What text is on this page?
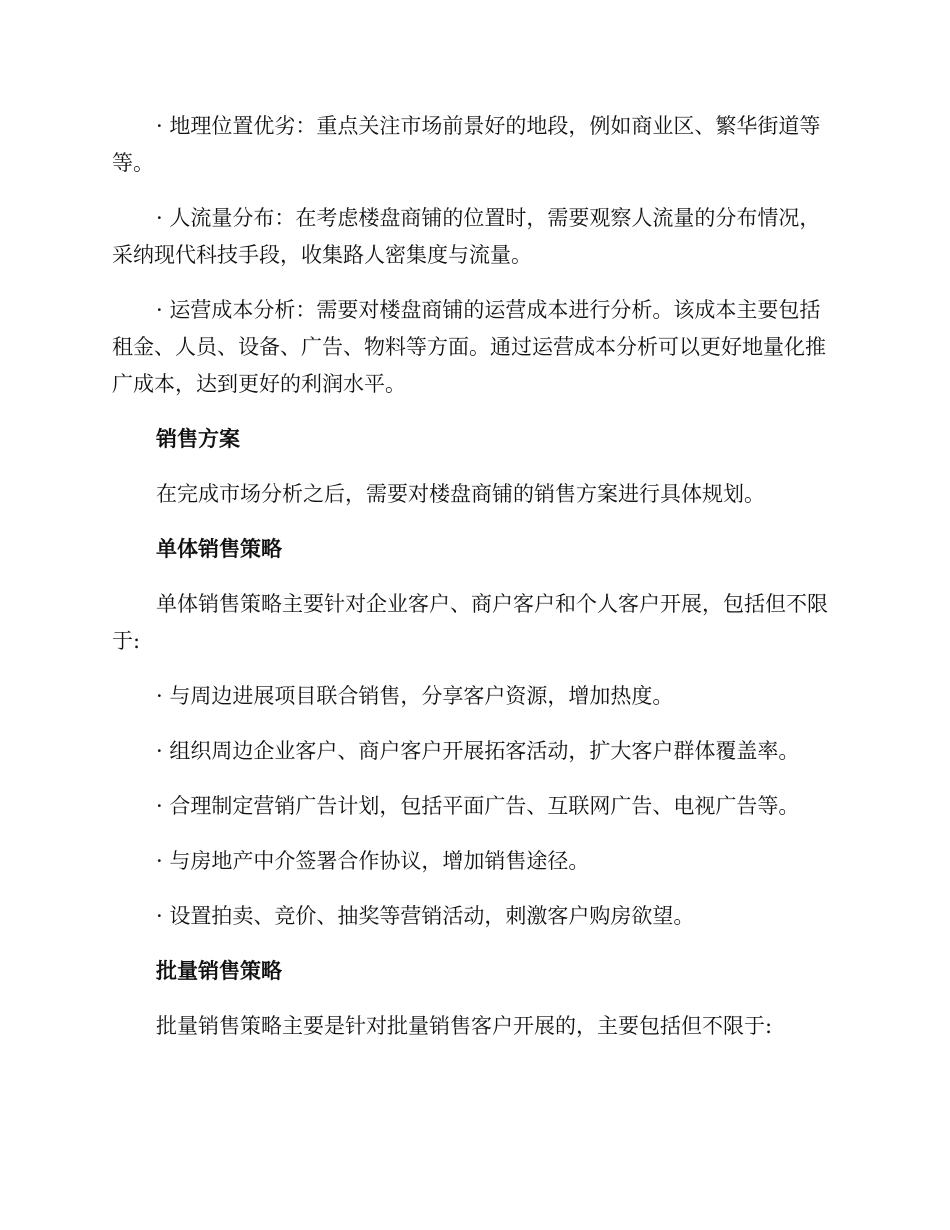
· 地理位置优劣：重点关注市场前景好的地段，例如商业区、繁华街道等等。

· 人流量分布：在考虑楼盘商铺的位置时，需要观察人流量的分布情况，采纳现代科技手段，收集路人密集度与流量。

· 运营成本分析：需要对楼盘商铺的运营成本进行分析。该成本主要包括租金、人员、设备、广告、物料等方面。通过运营成本分析可以更好地量化推广成本，达到更好的利润水平。

销售方案

在完成市场分析之后，需要对楼盘商铺的销售方案进行具体规划。

单体销售策略

单体销售策略主要针对企业客户、商户客户和个人客户开展，包括但不限于:

· 与周边进展项目联合销售，分享客户资源，增加热度。

· 组织周边企业客户、商户客户开展拓客活动，扩大客户群体覆盖率。

· 合理制定营销广告计划，包括平面广告、互联网广告、电视广告等。

· 与房地产中介签署合作协议，增加销售途径。

· 设置拍卖、竞价、抽奖等营销活动，刺激客户购房欲望。

批量销售策略

批量销售策略主要是针对批量销售客户开展的，主要包括但不限于:
